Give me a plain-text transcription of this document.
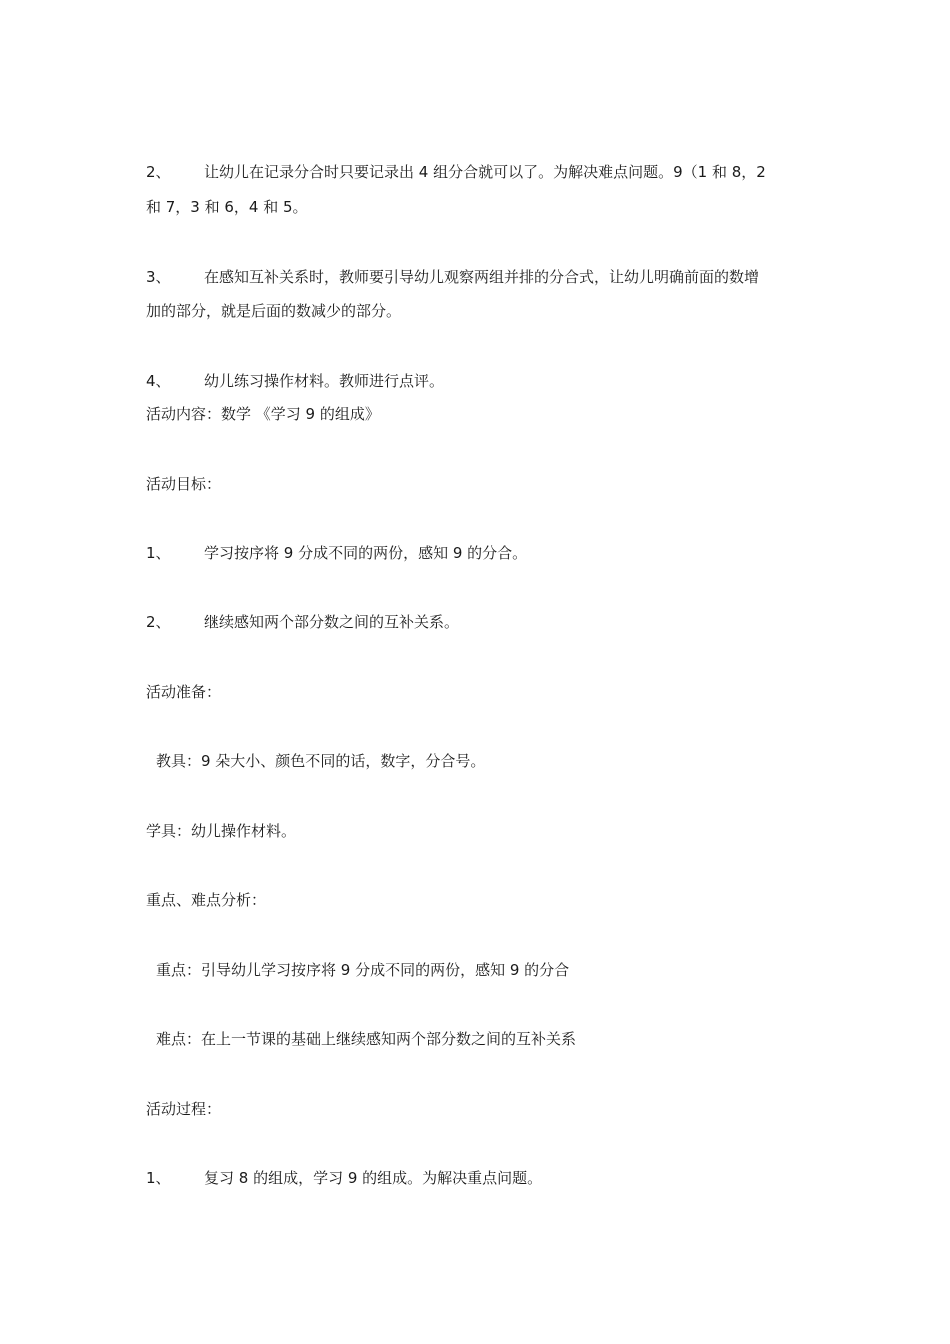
2、 让幼儿在记录分合时只要记录出 4 组分合就可以了。为解决难点问题。9（1 和 8，2
和 7，3 和 6，4 和 5。
3、 在感知互补关系时，教师要引导幼儿观察两组并排的分合式，让幼儿明确前面的数增
加的部分，就是后面的数减少的部分。
4、 幼儿练习操作材料。教师进行点评。
活动内容：数学 《学习 9 的组成》
活动目标：
1、 学习按序将 9 分成不同的两份，感知 9 的分合。
2、 继续感知两个部分数之间的互补关系。
活动准备：
教具：9 朵大小、颜色不同的话，数字，分合号。
学具：幼儿操作材料。
重点、难点分析：
重点：引导幼儿学习按序将 9 分成不同的两份，感知 9 的分合
难点：在上一节课的基础上继续感知两个部分数之间的互补关系
活动过程：
1、 复习 8 的组成，学习 9 的组成。为解决重点问题。
